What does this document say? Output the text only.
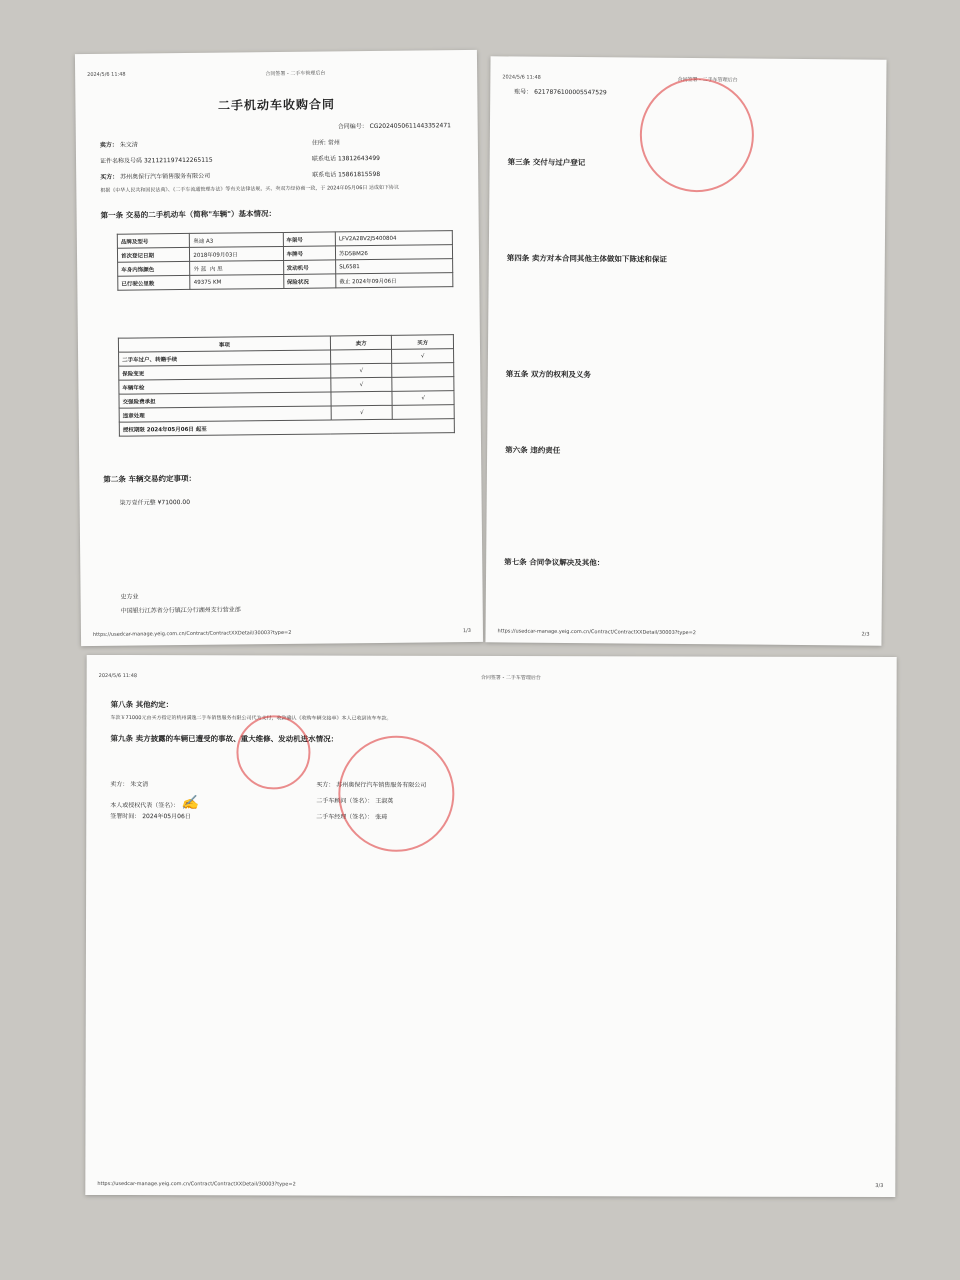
2024/5/6 11:48	合同签署 - 二手车管理后台
二手机动车收购合同
合同编号： CG2024050611443352471
卖方： 朱文清	住所: 常州
证件名称及号码 321121197412265115	联系电话 13812643499
买方： 苏州奥保行汽车销售服务有限公司	联系电话 15861815598
根据《中华人民共和国民法典》、《二手车流通管理办法》等有关法律法规，买、卖双方经协商一致，于 2024年05月06日 达成如下协议
第一条 交易的二手机动车（简称"车辆"）基本情况：
品牌及型号	奥迪 A3	车架号	LFV2A28V2J5400804
首次登记日期	2018年09月03日	车牌号	苏D5BM26
车身内饰颜色	外 蓝 内 黑	发动机号	SL6581
已行驶公里数	49375 KM	保险状况	截止 2024年09月06日
事项	卖方	买方
二手车过户、转籍手续		√
保险变更	√	
车辆年检	√	
交强险费承担		√
违章处理	√	
授权期限 2024年05月06日 起至		
第二条 车辆交易约定事项：
柒万壹仟元整 ¥71000.00
史方业
中国银行江苏省分行镇江分行湖州支行营业部
https://usedcar-manage.yeig.com.cn/Contract/ContractXXDetail/30003?type=2	1/3
2024/5/6 11:48	合同签署 - 二手车管理后台
账号： 6217876100005547529
第三条 交付与过户登记
第四条 卖方对本合同其他主体做如下陈述和保证
第五条 双方的权利及义务
第六条 违约责任
第七条 合同争议解决及其他：
https://usedcar-manage.yeig.com.cn/Contract/ContractXXDetail/30003?type=2	2/3
2024/5/6 11:48	合同签署 - 二手车管理后台
第八条 其他约定：
车款￥71000元由买方指定的杭州满逸二手车销售服务有限公司代为支付，收款确认《收购车辆交接单》本人已收到该车车款。
第九条 卖方披露的车辆已遭受的事故、重大维修、发动机进水情况：
卖方： 朱文清
本人或授权代表（签名）： ✍
签署时间： 2024年05月06日
买方： 苏州奥保行汽车销售服务有限公司
二手车顾问（签名）： 王淑英
二手车经理（签名）： 张琦
https://usedcar-manage.yeig.com.cn/Contract/ContractXXDetail/30003?type=2	3/3
